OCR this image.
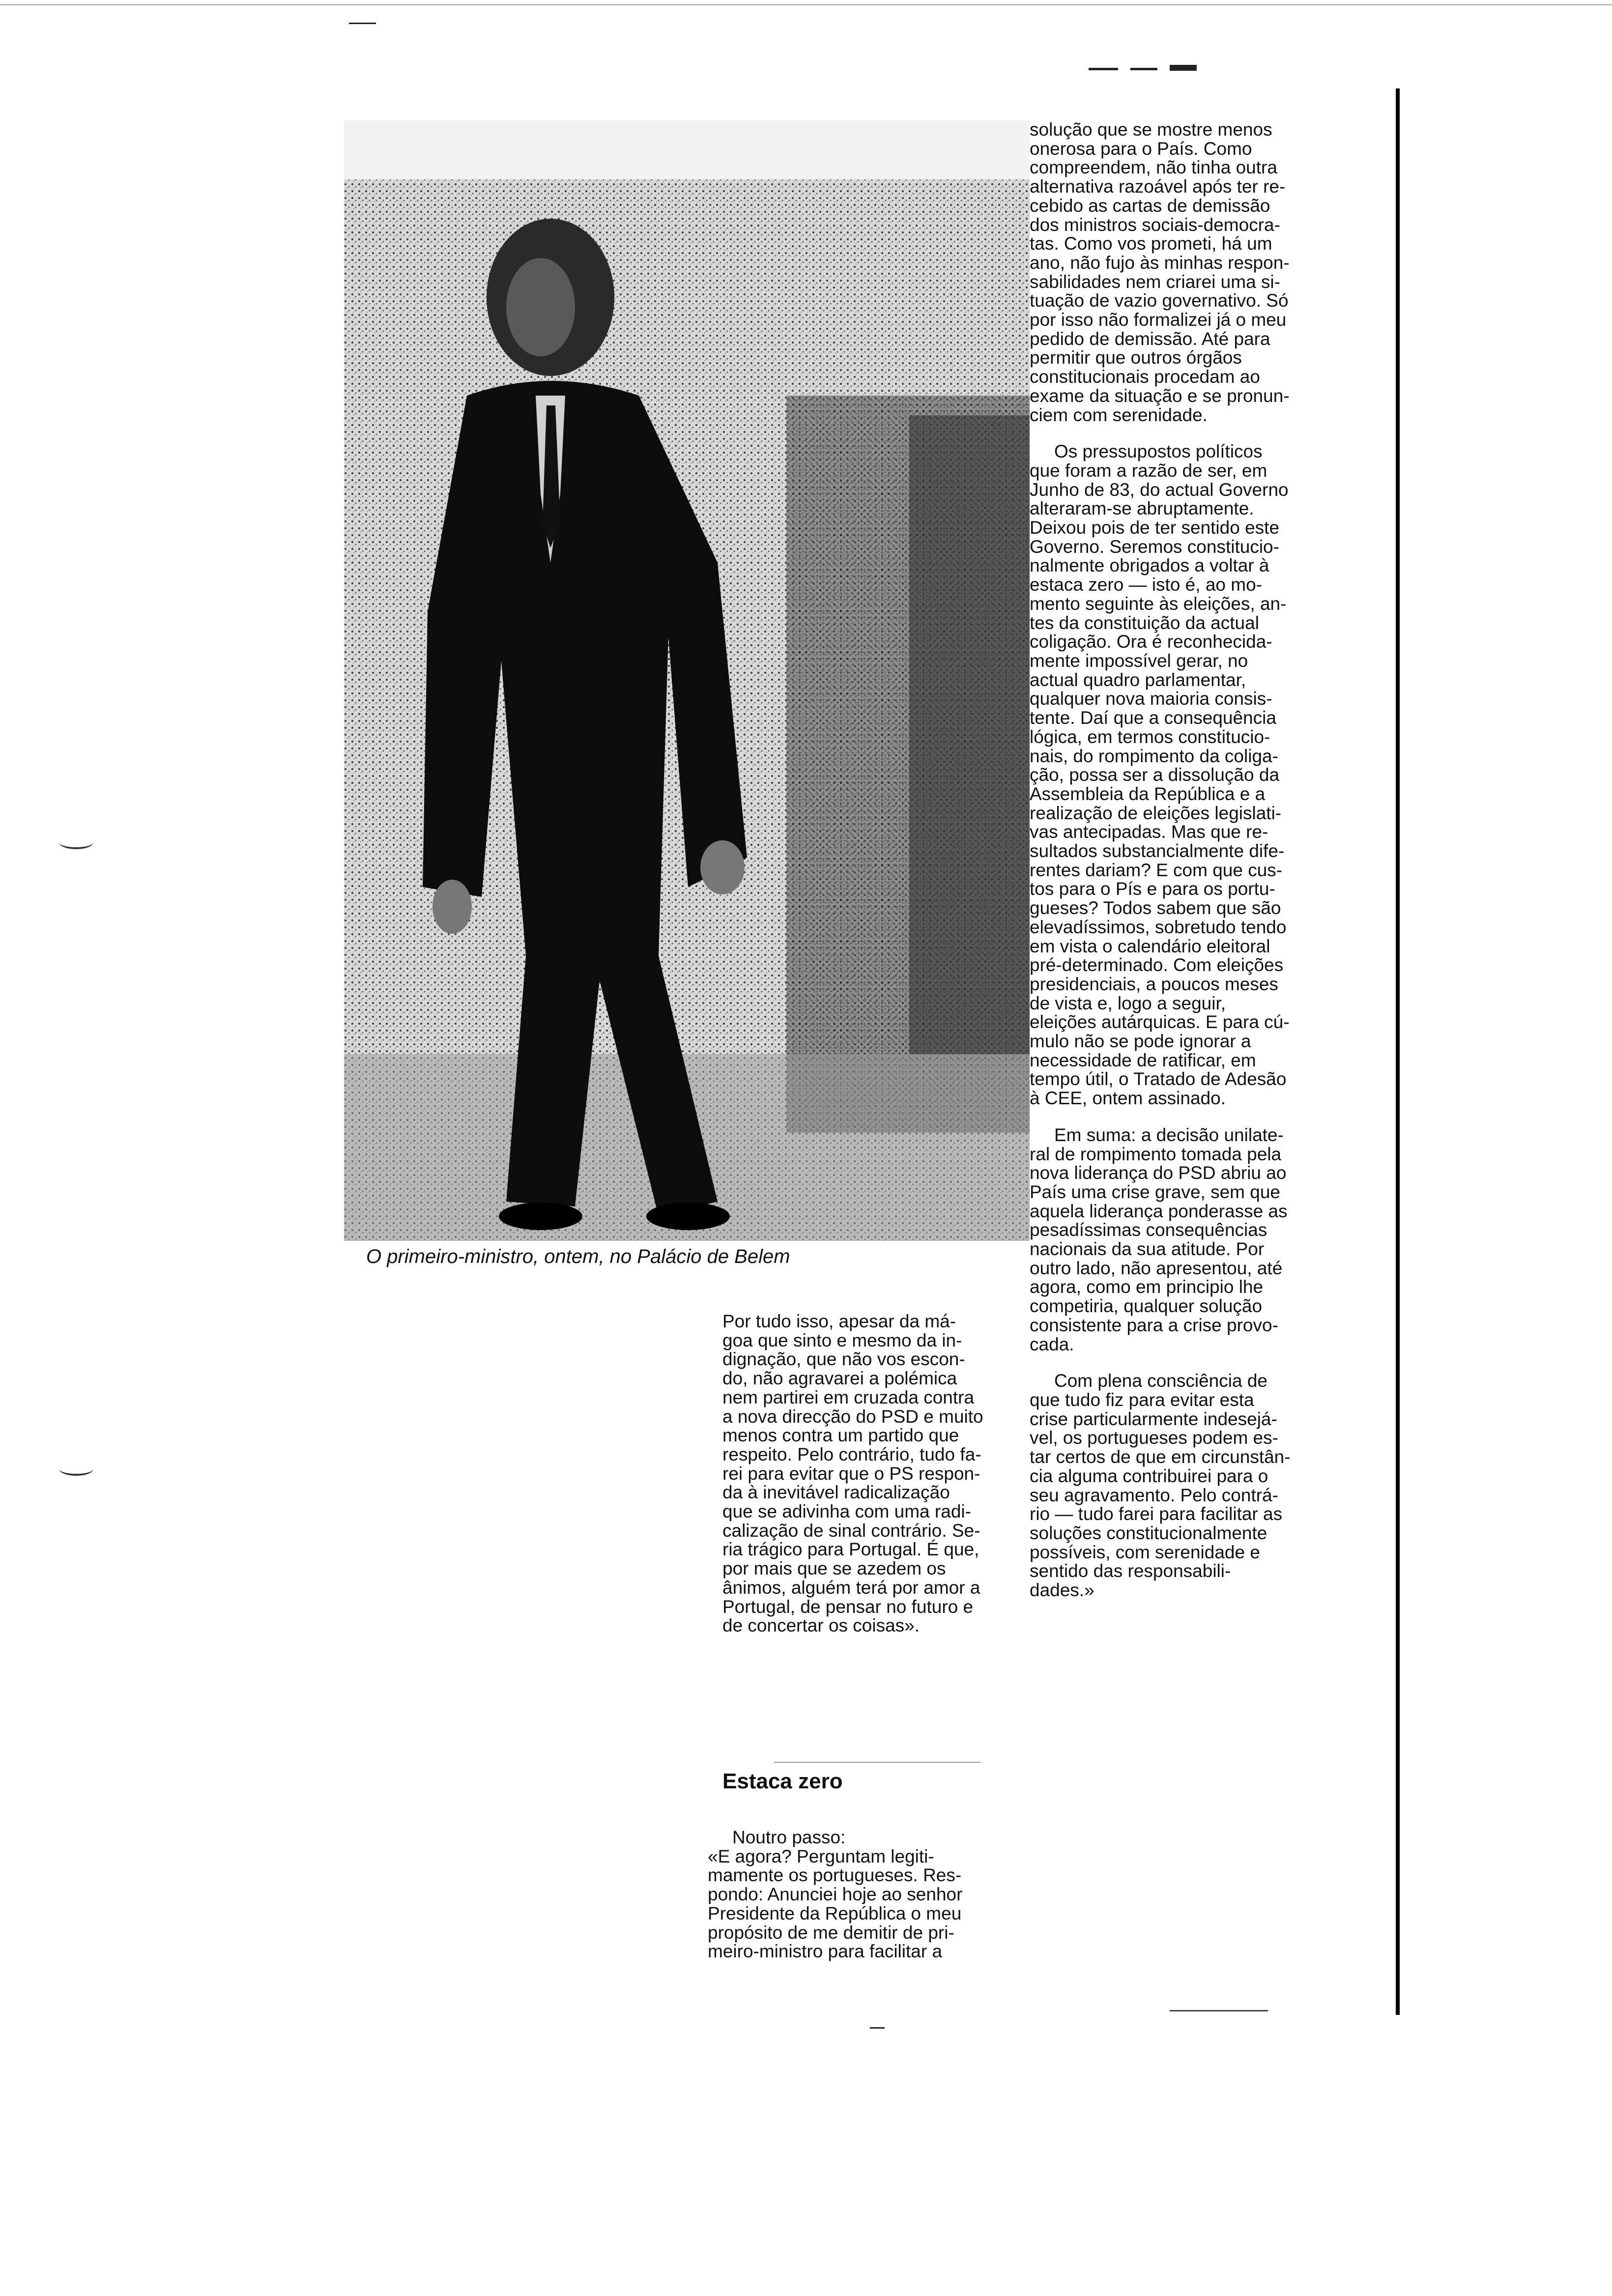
O primeiro-ministro, ontem, no Palácio de Belem

Por tudo isso, apesar da má-
goa que sinto e mesmo da in-
dignação, que não vos escon-
do, não agravarei a polémica
nem partirei em cruzada contra
a nova direcção do PSD e muito
menos contra um partido que
respeito. Pelo contrário, tudo fa-
rei para evitar que o PS respon-
da à inevitável radicalização
que se adivinha com uma radi-
calização de sinal contrário. Se-
ria trágico para Portugal. É que,
por mais que se azedem os
ânimos, alguém terá por amor a
Portugal, de pensar no futuro e
de concertar os coisas».

Estaca zero

Noutro passo:
«E agora? Perguntam legiti-
mamente os portugueses. Res-
pondo: Anunciei hoje ao senhor
Presidente da República o meu
propósito de me demitir de pri-
meiro-ministro para facilitar a

solução que se mostre menos
onerosa para o País. Como
compreendem, não tinha outra
alternativa razoável após ter re-
cebido as cartas de demissão
dos ministros sociais-democra-
tas. Como vos prometi, há um
ano, não fujo às minhas respon-
sabilidades nem criarei uma si-
tuação de vazio governativo. Só
por isso não formalizei já o meu
pedido de demissão. Até para
permitir que outros órgãos
constitucionais procedam ao
exame da situação e se pronun-
ciem com serenidade.

Os pressupostos políticos
que foram a razão de ser, em
Junho de 83, do actual Governo
alteraram-se abruptamente.
Deixou pois de ter sentido este
Governo. Seremos constitucio-
nalmente obrigados a voltar à
estaca zero — isto é, ao mo-
mento seguinte às eleições, an-
tes da constituição da actual
coligação. Ora é reconhecida-
mente impossível gerar, no
actual quadro parlamentar,
qualquer nova maioria consis-
tente. Daí que a consequência
lógica, em termos constitucio-
nais, do rompimento da coliga-
ção, possa ser a dissolução da
Assembleia da República e a
realização de eleições legislati-
vas antecipadas. Mas que re-
sultados substancialmente dife-
rentes dariam? E com que cus-
tos para o Pís e para os portu-
gueses? Todos sabem que são
elevadíssimos, sobretudo tendo
em vista o calendário eleitoral
pré-determinado. Com eleições
presidenciais, a poucos meses
de vista e, logo a seguir,
eleições autárquicas. E para cú-
mulo não se pode ignorar a
necessidade de ratificar, em
tempo útil, o Tratado de Adesão
à CEE, ontem assinado.

Em suma: a decisão unilate-
ral de rompimento tomada pela
nova liderança do PSD abriu ao
País uma crise grave, sem que
aquela liderança ponderasse as
pesadíssimas consequências
nacionais da sua atitude. Por
outro lado, não apresentou, até
agora, como em principio lhe
competiria, qualquer solução
consistente para a crise provo-
cada.

Com plena consciência de
que tudo fiz para evitar esta
crise particularmente indesejá-
vel, os portugueses podem es-
tar certos de que em circunstân-
cia alguma contribuirei para o
seu agravamento. Pelo contrá-
rio — tudo farei para facilitar as
soluções constitucionalmente
possíveis, com serenidade e
sentido das responsabili-
dades.»
